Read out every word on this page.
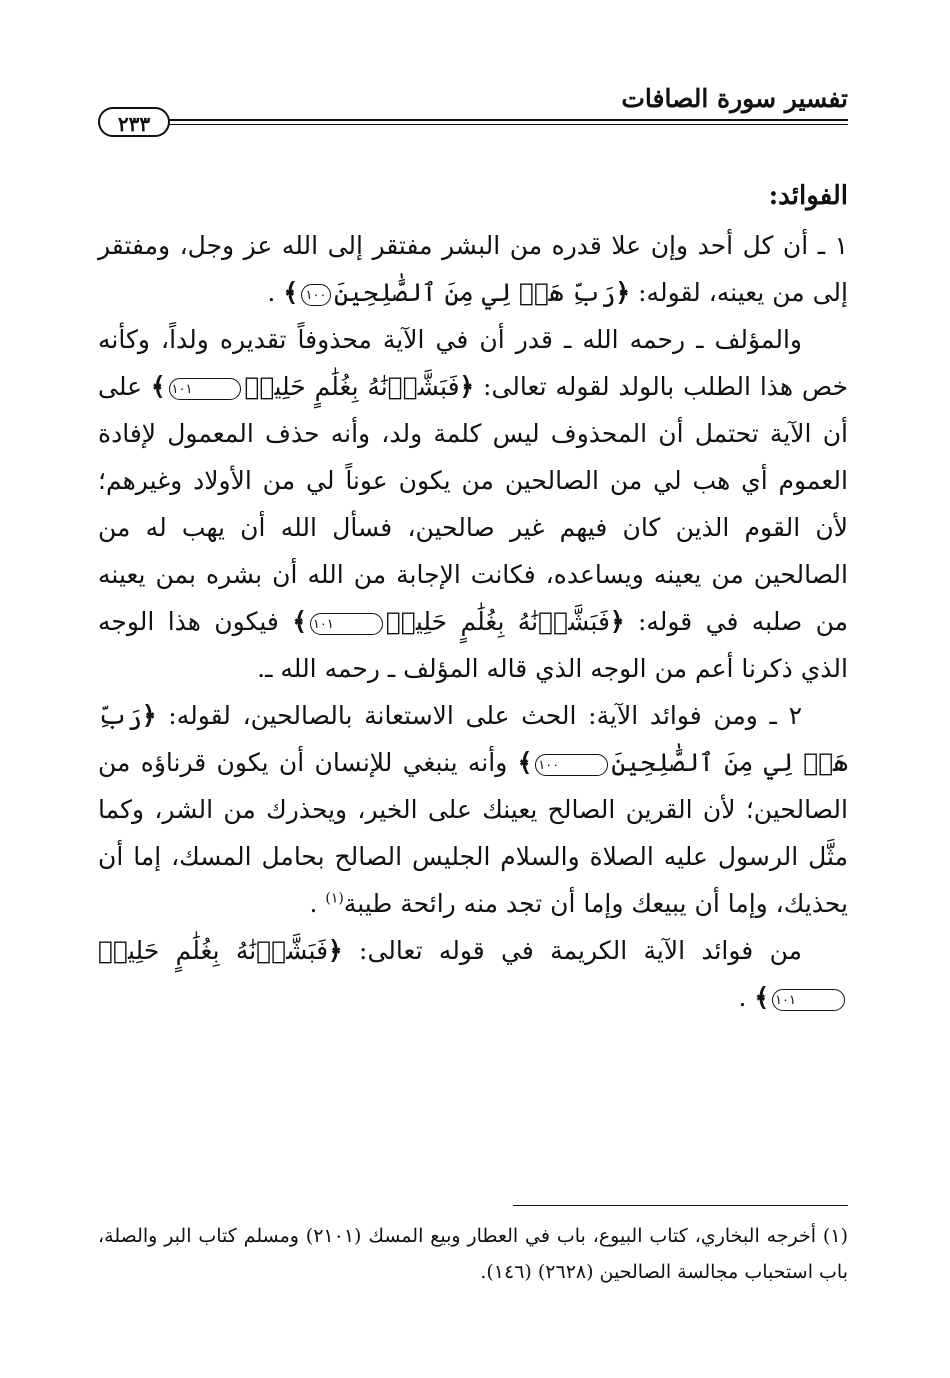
تفسير سورة الصافات
٢٣٣
الفوائد:

١ ـ أن كل أحد وإن علا قدره من البشر مفتقر إلى الله عز وجل، ومفتقر إلى من يعينه، لقوله: ﴿رَبِّ هَبۡ لِي مِنَ ٱلصَّٰلِحِينَ١٠٠﴾ .

والمؤلف ـ رحمه الله ـ قدر أن في الآية محذوفاً تقديره ولداً، وكأنه خص هذا الطلب بالولد لقوله تعالى: ﴿فَبَشَّرۡنَٰهُ بِغُلَٰمٍ حَلِيمٖ١٠١﴾ على أن الآية تحتمل أن المحذوف ليس كلمة ولد، وأنه حذف المعمول لإفادة العموم أي هب لي من الصالحين من يكون عوناً لي من الأولاد وغيرهم؛ لأن القوم الذين كان فيهم غير صالحين، فسأل الله أن يهب له من الصالحين من يعينه ويساعده، فكانت الإجابة من الله أن بشره بمن يعينه من صلبه في قوله: ﴿فَبَشَّرۡنَٰهُ بِغُلَٰمٍ حَلِيمٖ١٠١﴾ فيكون هذا الوجه الذي ذكرنا أعم من الوجه الذي قاله المؤلف ـ رحمه الله ـ.

٢ ـ ومن فوائد الآية: الحث على الاستعانة بالصالحين، لقوله: ﴿رَبِّ هَبۡ لِي مِنَ ٱلصَّٰلِحِينَ١٠٠﴾ وأنه ينبغي للإنسان أن يكون قرناؤه من الصالحين؛ لأن القرين الصالح يعينك على الخير، ويحذرك من الشر، وكما مثَّل الرسول عليه الصلاة والسلام الجليس الصالح بحامل المسك، إما أن يحذيك، وإما أن يبيعك وإما أن تجد منه رائحة طيبة$^{(١)}$ .

من فوائد الآية الكريمة في قوله تعالى: ﴿فَبَشَّرۡنَٰهُ بِغُلَٰمٍ حَلِيمٖ١٠١﴾ .

(١) أخرجه البخاري، كتاب البيوع، باب في العطار وبيع المسك (٢١٠١) ومسلم كتاب البر والصلة، باب استحباب مجالسة الصالحين (٢٦٢٨) (١٤٦).
